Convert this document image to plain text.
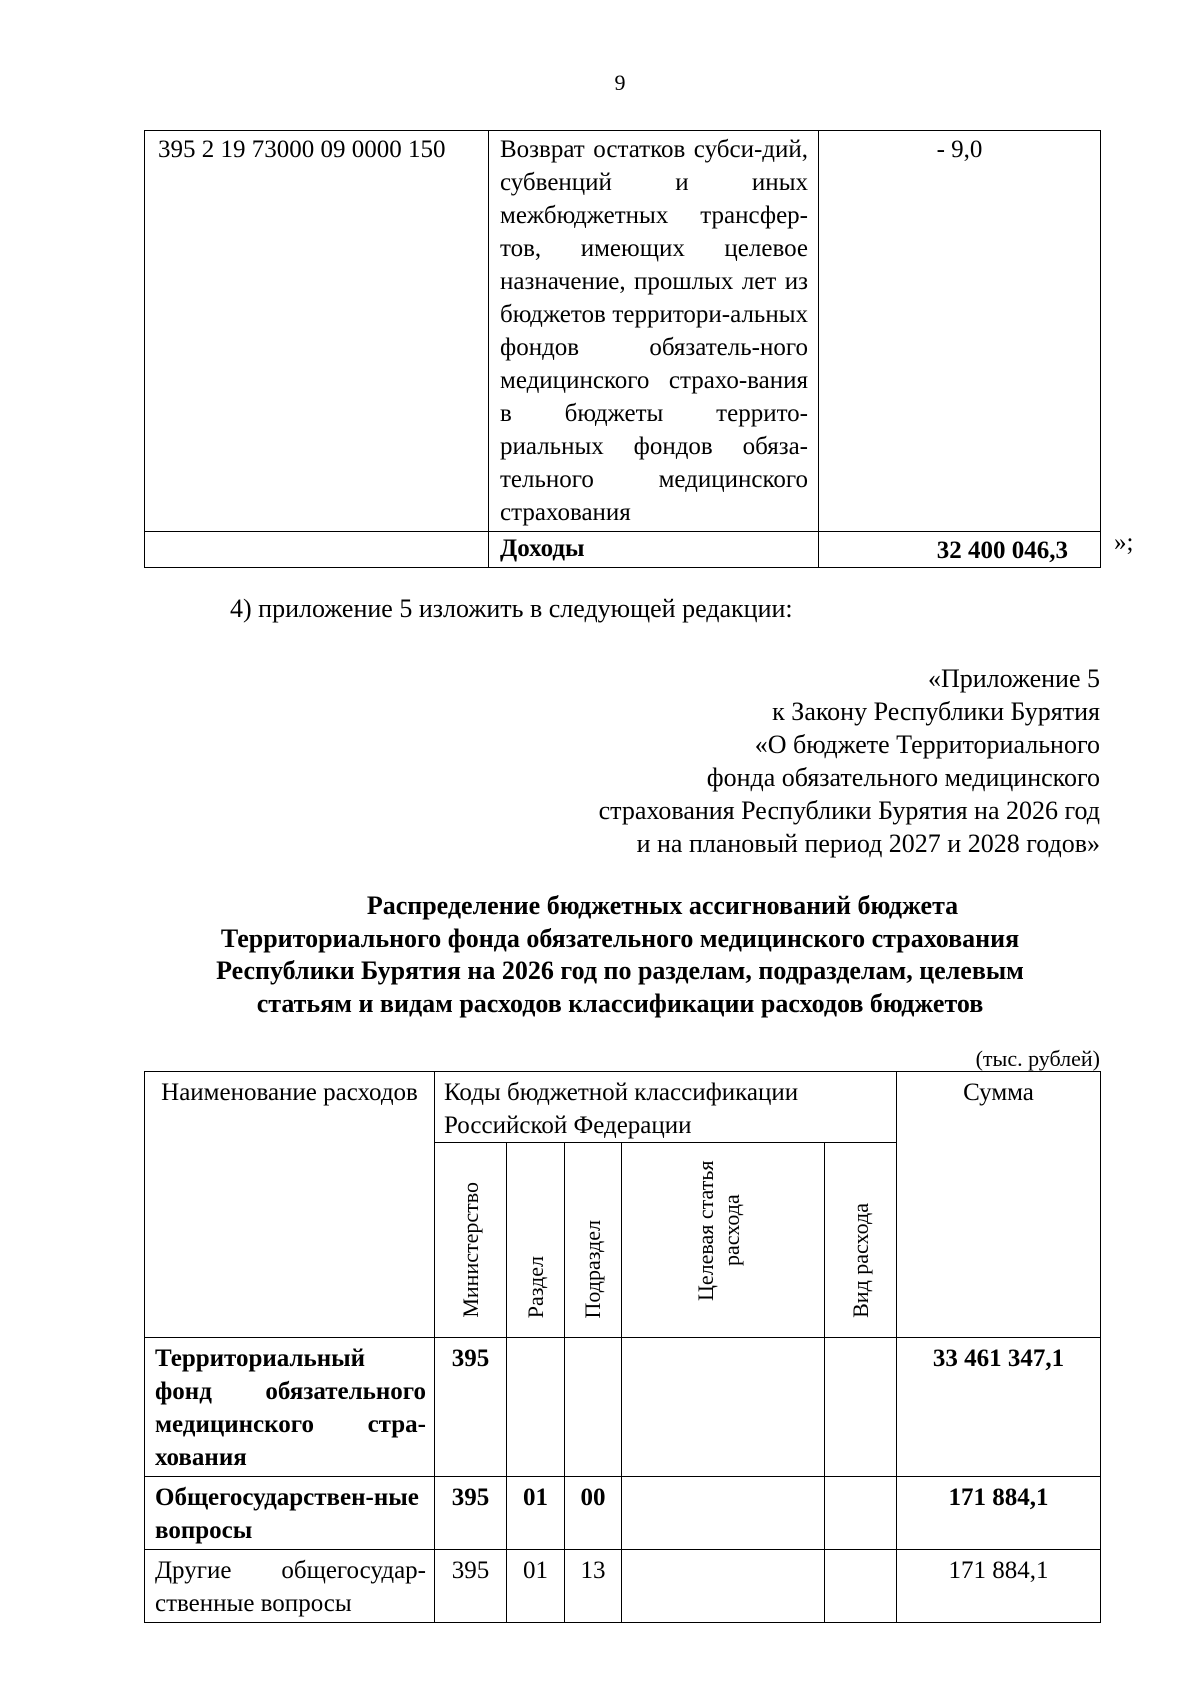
9
395 2 19 73000 09 0000 150	Возврат остатков субси-дий, субвенций и иных межбюджетных трансфер-тов, имеющих целевое назначение, прошлых лет из бюджетов территори-альных фондов обязатель-ного медицинского страхо-вания в бюджеты террито-риальных фондов обяза-тельного медицинского страхования	- 9,0
	Доходы	32 400 046,3 »;
4) приложение 5 изложить в следующей редакции:
«Приложение 5
к Закону Республики Бурятия
«О бюджете Территориального
фонда обязательного медицинского
страхования Республики Бурятия на 2026 год
и на плановый период 2027 и 2028 годов»
Распределение бюджетных ассигнований бюджета
Территориального фонда обязательного медицинского страхования
Республики Бурятия на 2026 год по разделам, подразделам, целевым
статьям и видам расходов классификации расходов бюджетов
(тыс. рублей)
Наименование расходов	Коды бюджетной классификации Российской Федерации					Сумма
	Министерство	Раздел	Подраздел	Целевая статья расхода	Вид расхода	
Территориальный фонд обязательного медицинского стра-хования	395					33 461 347,1
Общегосударствен-ные вопросы	395	01	00			171 884,1
Другие общегосудар-ственные вопросы	395	01	13			171 884,1
